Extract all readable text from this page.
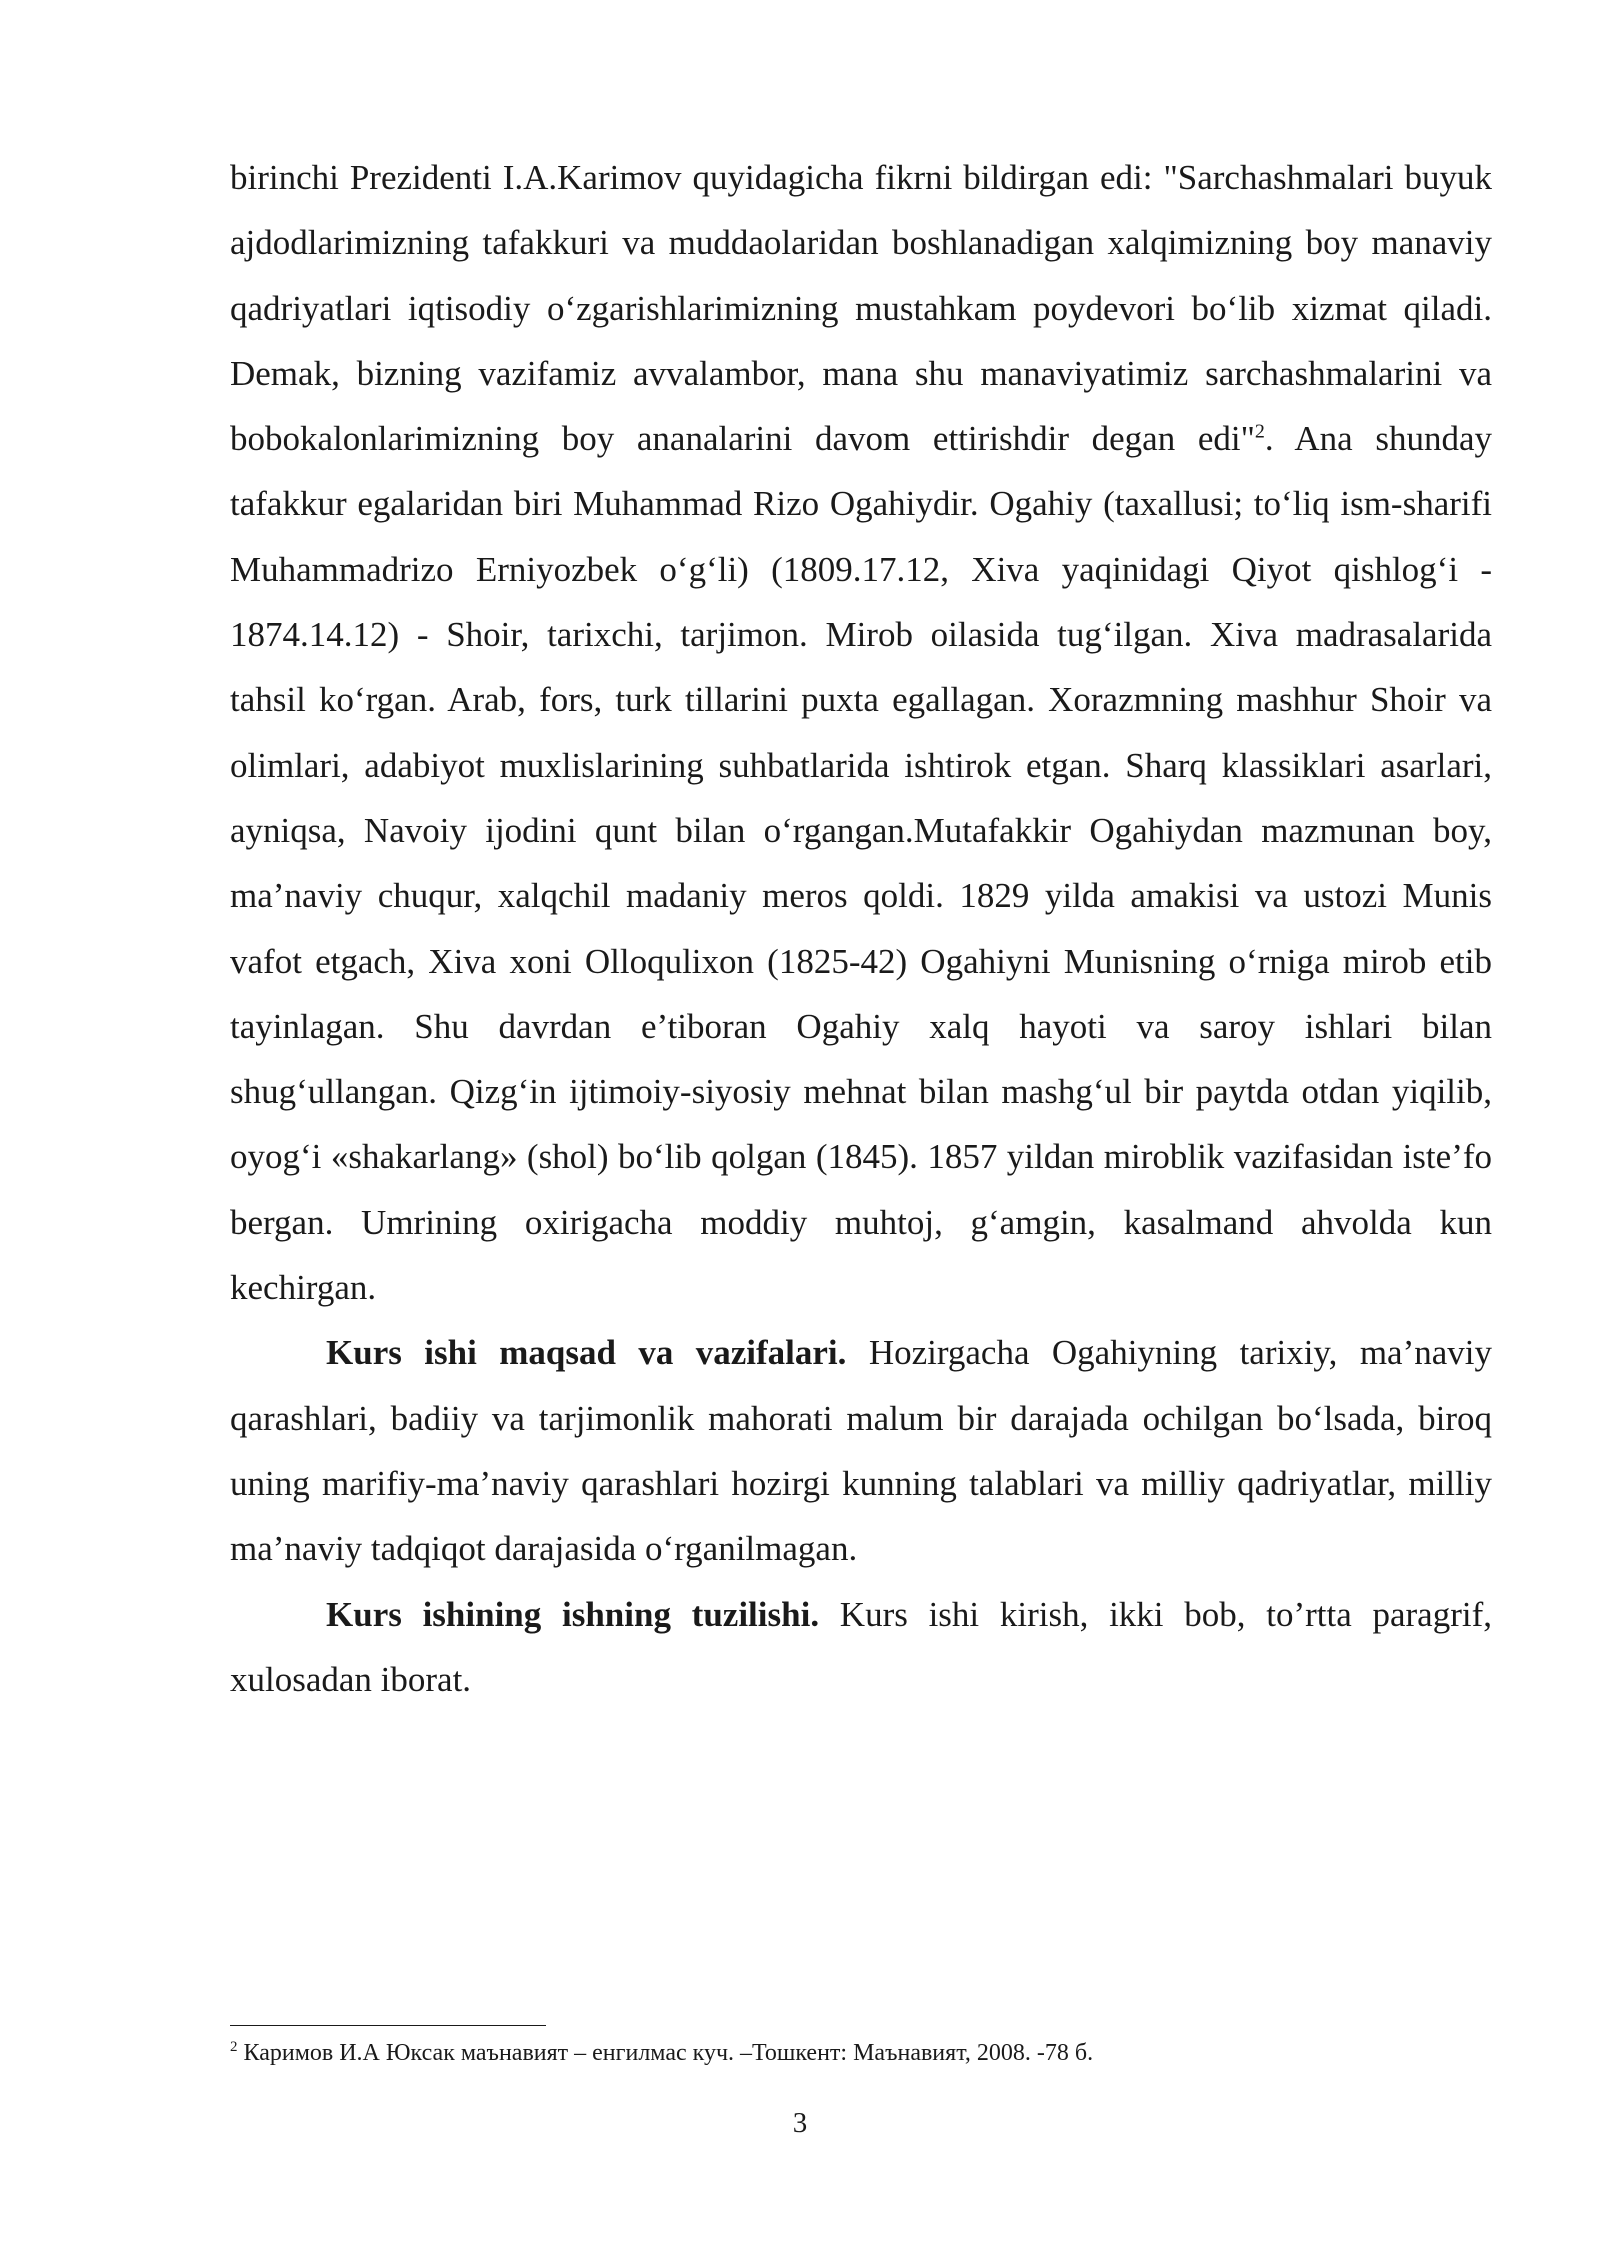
birinchi Prezidenti I.A.Karimov quyidagicha fikrni bildirgan edi: "Sarchashmalari buyuk ajdodlarimizning tafakkuri va muddaolaridan boshlanadigan xalqimizning boy manaviy qadriyatlari iqtisodiy oʻzgarishlarimizning mustahkam poydevori boʻlib xizmat qiladi. Demak, bizning vazifamiz avvalambor, mana shu manaviyatimiz sarchashmalarini va bobokalonlarimizning boy ananalarini davom ettirishdir degan edi"$^2$. Ana shunday tafakkur egalaridan biri Muhammad Rizo Ogahiydir. Ogahiy (taxallusi; toʻliq ism-sharifi Muhammadrizo Erniyozbek oʻgʻli) (1809.17.12, Xiva yaqinidagi Qiyot qishlogʻi - 1874.14.12) - Shoir, tarixchi, tarjimon. Mirob oilasida tugʻilgan. Xiva madrasalarida tahsil koʻrgan. Arab, fors, turk tillarini puxta egallagan. Xorazmning mashhur Shoir va olimlari, adabiyot muxlislarining suhbatlarida ishtirok etgan. Sharq klassiklari asarlari, ayniqsa, Navoiy ijodini qunt bilan oʻrgangan.Mutafakkir Ogahiydan mazmunan boy, ma’naviy chuqur, xalqchil madaniy meros qoldi. 1829 yilda amakisi va ustozi Munis vafot etgach, Xiva xoni Olloqulixon (1825-42) Ogahiyni Munisning oʻrniga mirob etib tayinlagan. Shu davrdan e’tiboran Ogahiy xalq hayoti va saroy ishlari bilan shugʻullangan. Qizgʻin ijtimoiy-siyosiy mehnat bilan mashgʻul bir paytda otdan yiqilib, oyogʻi «shakarlang» (shol) boʻlib qolgan (1845). 1857 yildan miroblik vazifasidan iste’fo bergan. Umrining oxirigacha moddiy muhtoj, gʻamgin, kasalmand ahvolda kun kechirgan.

Kurs ishi maqsad va vazifalari. Hozirgacha Ogahiyning tarixiy, ma’naviy qarashlari, badiiy va tarjimonlik mahorati malum bir darajada ochilgan boʻlsada, biroq uning marifiy-ma’naviy qarashlari hozirgi kunning talablari va milliy qadriyatlar, milliy ma’naviy tadqiqot darajasida oʻrganilmagan.

Kurs ishining ishning tuzilishi. Kurs ishi kirish, ikki bob, to’rtta paragrif, xulosadan iborat.

$^2$ Каримов И.А Юксак маънавият – енгилмас куч. –Тошкент: Маънавият, 2008. -78 б.
3
